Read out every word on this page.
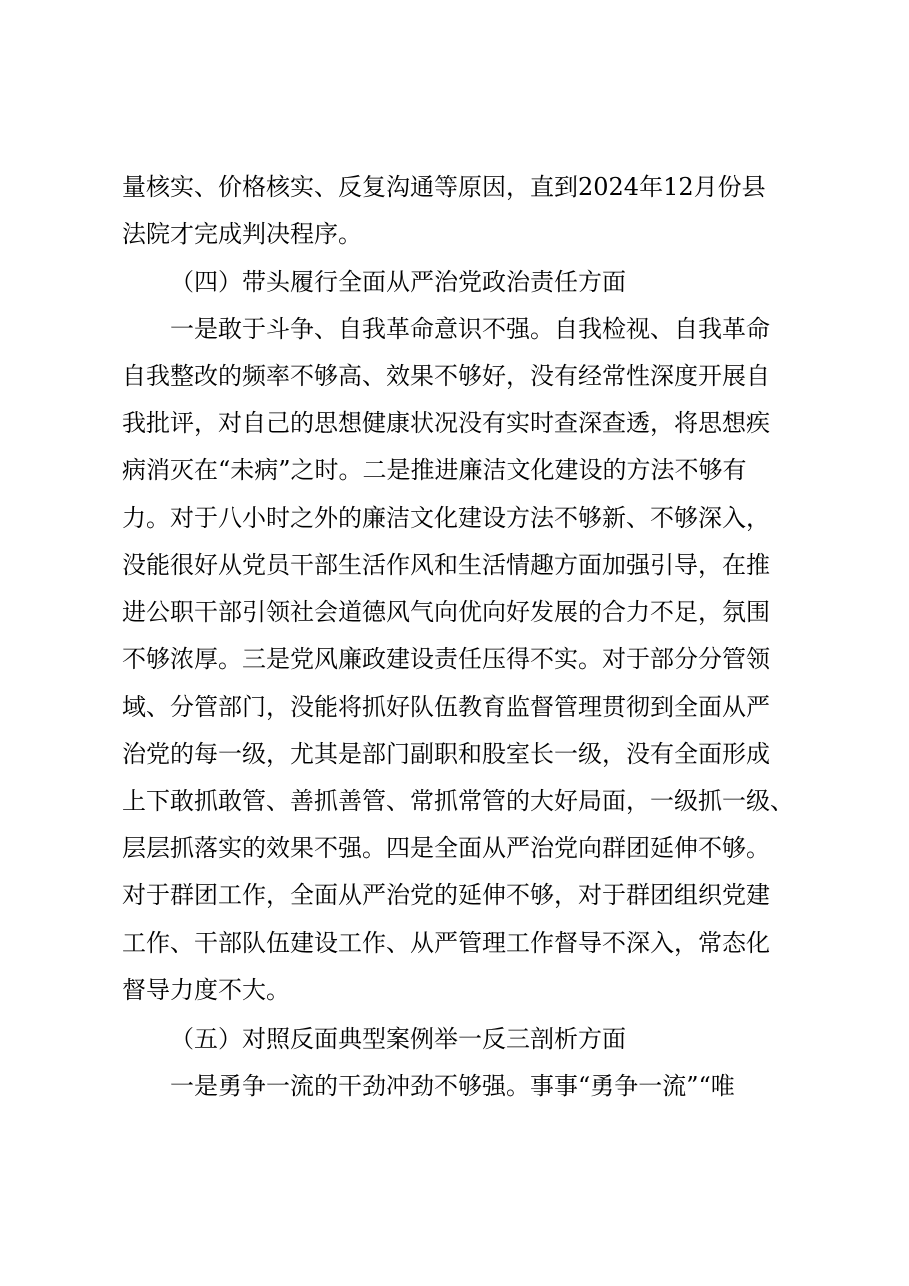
量核实、价格核实、反复沟通等原因，直到2024年12月份县
法院才完成判决程序。
（四）带头履行全面从严治党政治责任方面
一是敢于斗争、自我革命意识不强。自我检视、自我革命
自我整改的频率不够高、效果不够好，没有经常性深度开展自
我批评，对自己的思想健康状况没有实时查深查透，将思想疾
病消灭在“未病”之时。二是推进廉洁文化建设的方法不够有
力。对于八小时之外的廉洁文化建设方法不够新、不够深入，
没能很好从党员干部生活作风和生活情趣方面加强引导，在推
进公职干部引领社会道德风气向优向好发展的合力不足，氛围
不够浓厚。三是党风廉政建设责任压得不实。对于部分分管领
域、分管部门，没能将抓好队伍教育监督管理贯彻到全面从严
治党的每一级，尤其是部门副职和股室长一级，没有全面形成
上下敢抓敢管、善抓善管、常抓常管的大好局面，一级抓一级、
层层抓落实的效果不强。四是全面从严治党向群团延伸不够。
对于群团工作，全面从严治党的延伸不够，对于群团组织党建
工作、干部队伍建设工作、从严管理工作督导不深入，常态化
督导力度不大。
（五）对照反面典型案例举一反三剖析方面
一是勇争一流的干劲冲劲不够强。事事“勇争一流”“唯
